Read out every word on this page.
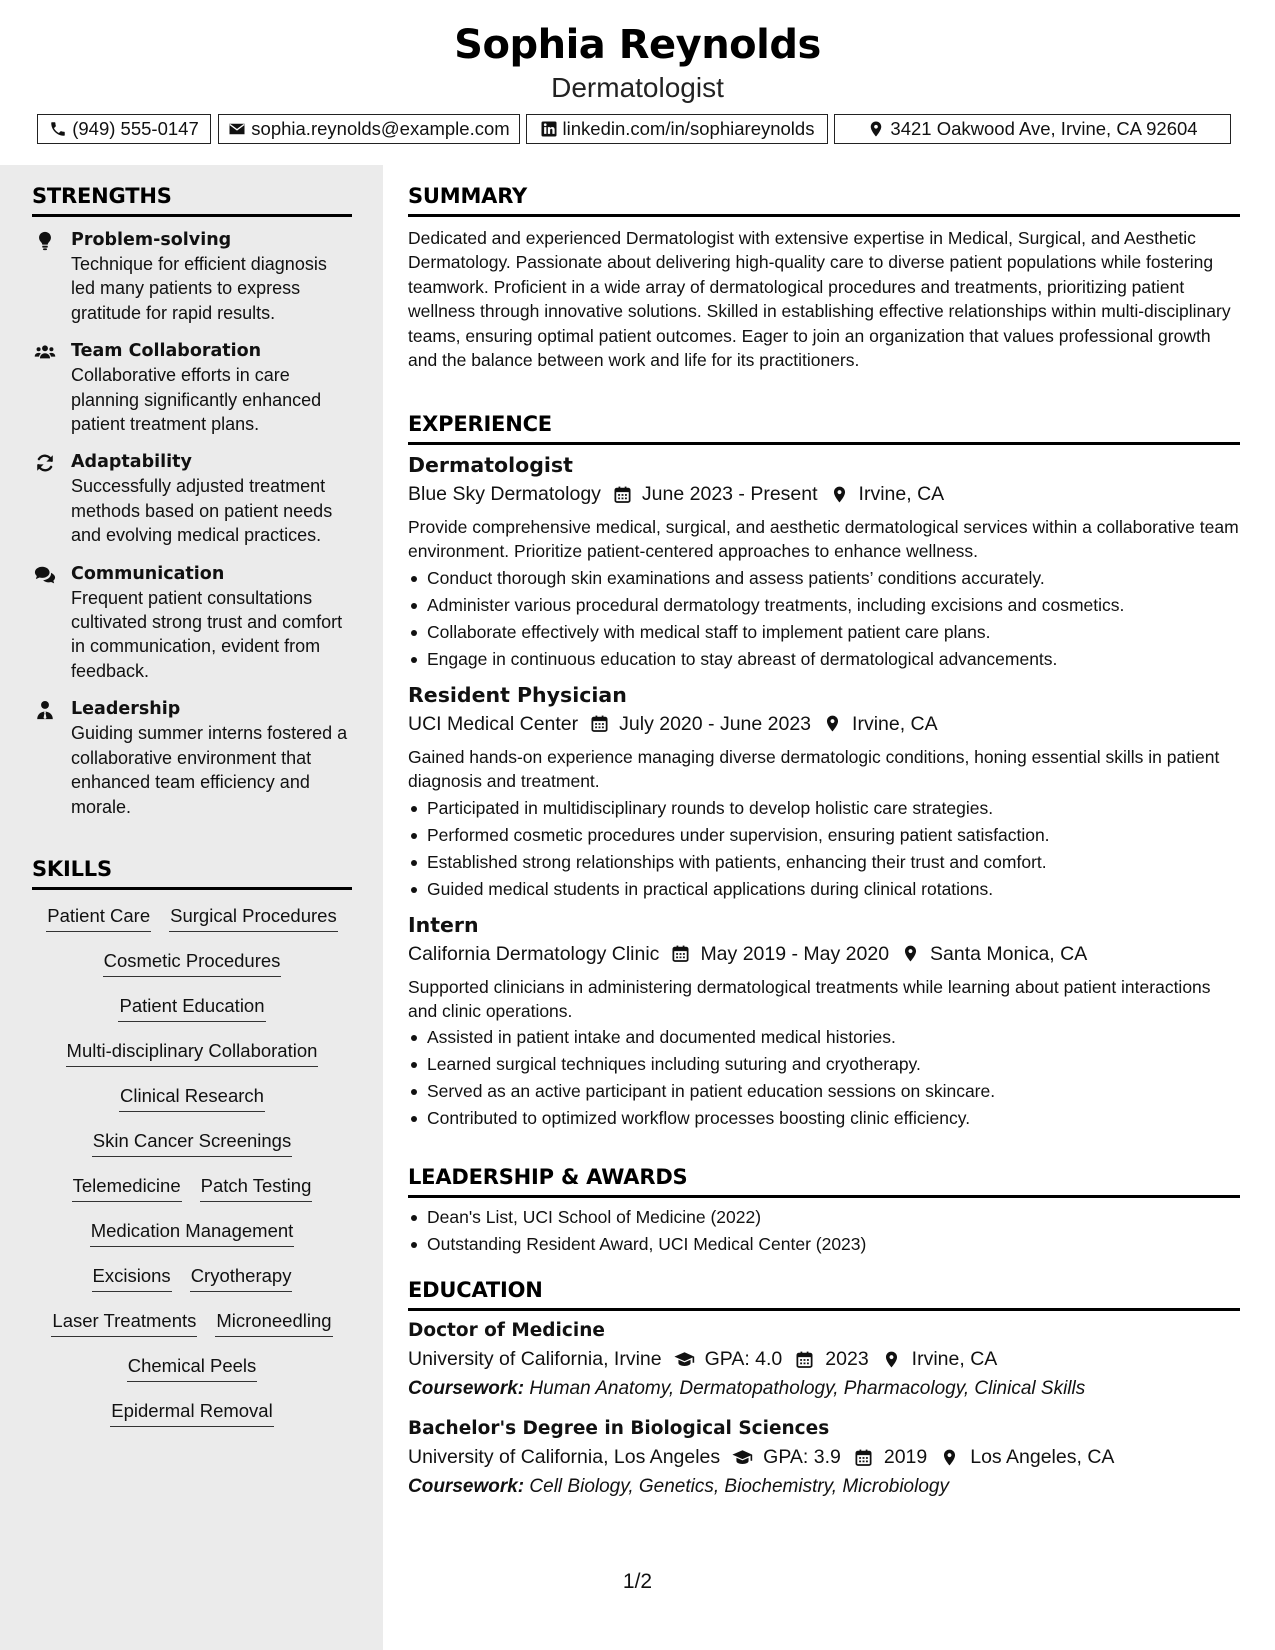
Sophia Reynolds
Dermatologist
(949) 555-0147	sophia.reynolds@example.com	linkedin.com/in/sophiareynolds	3421 Oakwood Ave, Irvine, CA 92604
STRENGTHS
Problem-solving
Technique for efficient diagnosis led many patients to express gratitude for rapid results.
Team Collaboration
Collaborative efforts in care planning significantly enhanced patient treatment plans.
Adaptability
Successfully adjusted treatment methods based on patient needs and evolving medical practices.
Communication
Frequent patient consultations cultivated strong trust and comfort in communication, evident from feedback.
Leadership
Guiding summer interns fostered a collaborative environment that enhanced team efficiency and morale.
SKILLS
Patient Care Surgical Procedures
Cosmetic Procedures
Patient Education
Multi-disciplinary Collaboration
Clinical Research
Skin Cancer Screenings
Telemedicine Patch Testing
Medication Management
Excisions Cryotherapy
Laser Treatments Microneedling
Chemical Peels
Epidermal Removal
SUMMARY
Dedicated and experienced Dermatologist with extensive expertise in Medical, Surgical, and Aesthetic Dermatology. Passionate about delivering high-quality care to diverse patient populations while fostering teamwork. Proficient in a wide array of dermatological procedures and treatments, prioritizing patient wellness through innovative solutions. Skilled in establishing effective relationships within multi-disciplinary teams, ensuring optimal patient outcomes. Eager to join an organization that values professional growth and the balance between work and life for its practitioners.
EXPERIENCE
Dermatologist
Blue Sky Dermatology June 2023 - Present Irvine, CA
Provide comprehensive medical, surgical, and aesthetic dermatological services within a collaborative team environment. Prioritize patient-centered approaches to enhance wellness.
Conduct thorough skin examinations and assess patients’ conditions accurately.
Administer various procedural dermatology treatments, including excisions and cosmetics.
Collaborate effectively with medical staff to implement patient care plans.
Engage in continuous education to stay abreast of dermatological advancements.
Resident Physician
UCI Medical Center July 2020 - June 2023 Irvine, CA
Gained hands-on experience managing diverse dermatologic conditions, honing essential skills in patient diagnosis and treatment.
Participated in multidisciplinary rounds to develop holistic care strategies.
Performed cosmetic procedures under supervision, ensuring patient satisfaction.
Established strong relationships with patients, enhancing their trust and comfort.
Guided medical students in practical applications during clinical rotations.
Intern
California Dermatology Clinic May 2019 - May 2020 Santa Monica, CA
Supported clinicians in administering dermatological treatments while learning about patient interactions and clinic operations.
Assisted in patient intake and documented medical histories.
Learned surgical techniques including suturing and cryotherapy.
Served as an active participant in patient education sessions on skincare.
Contributed to optimized workflow processes boosting clinic efficiency.
LEADERSHIP & AWARDS
Dean's List, UCI School of Medicine (2022)
Outstanding Resident Award, UCI Medical Center (2023)
EDUCATION
Doctor of Medicine
University of California, Irvine GPA: 4.0 2023 Irvine, CA
Coursework: Human Anatomy, Dermatopathology, Pharmacology, Clinical Skills
Bachelor's Degree in Biological Sciences
University of California, Los Angeles GPA: 3.9 2019 Los Angeles, CA
Coursework: Cell Biology, Genetics, Biochemistry, Microbiology
1/2
